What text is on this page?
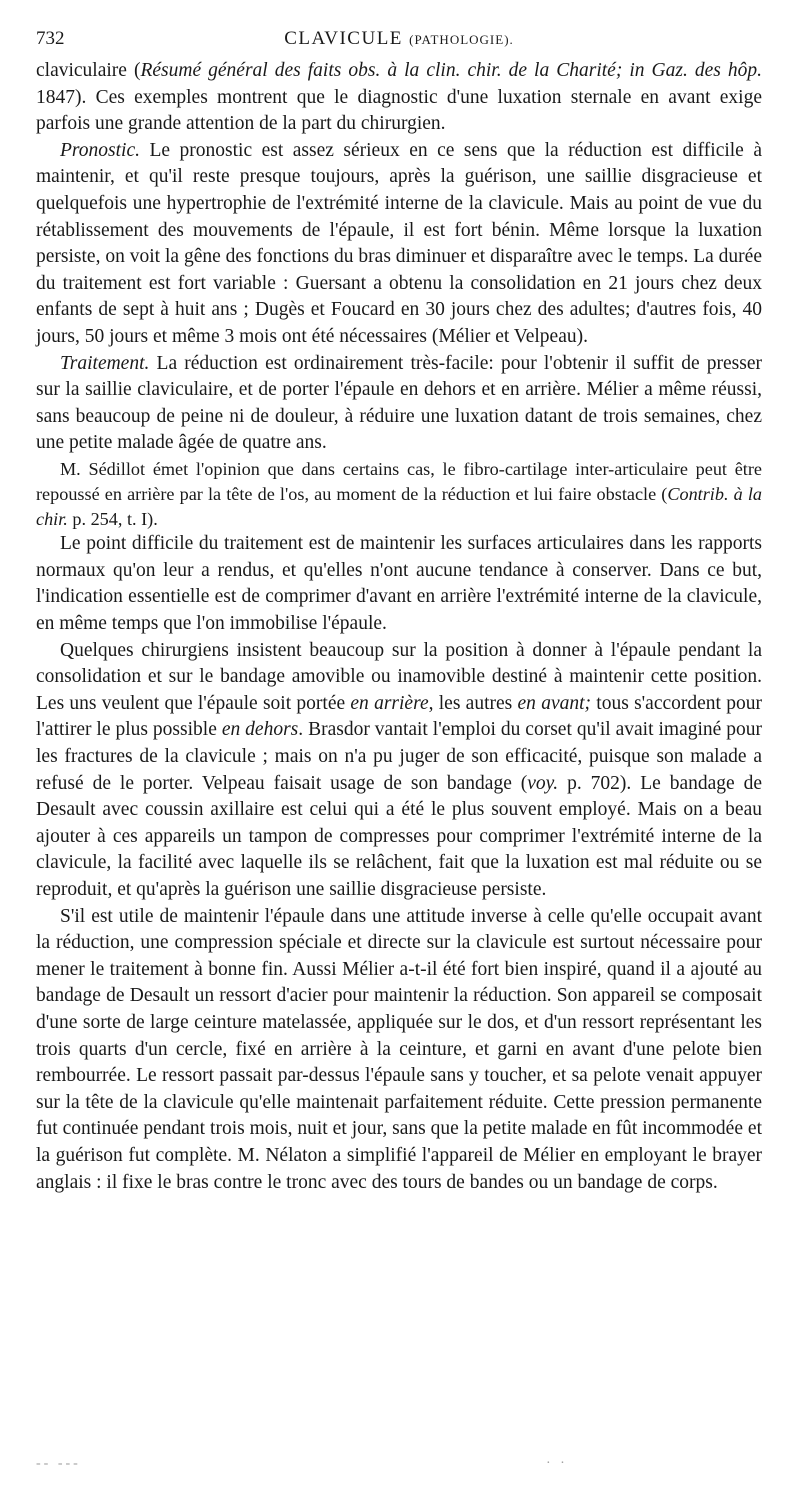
732	CLAVICULE (PATHOLOGIE).

claviculaire (Résumé général des faits obs. à la clin. chir. de la Charité; in Gaz. des hôp. 1847). Ces exemples montrent que le diagnostic d'une luxation sternale en avant exige parfois une grande attention de la part du chirurgien.

Pronostic. Le pronostic est assez sérieux en ce sens que la réduction est difficile à maintenir, et qu'il reste presque toujours, après la guérison, une saillie disgracieuse et quelquefois une hypertrophie de l'extrémité interne de la clavicule. Mais au point de vue du rétablissement des mouvements de l'épaule, il est fort bénin. Même lorsque la luxation persiste, on voit la gêne des fonctions du bras diminuer et disparaître avec le temps. La durée du traitement est fort variable : Guersant a obtenu la consolidation en 21 jours chez deux enfants de sept à huit ans ; Dugès et Foucard en 30 jours chez des adultes; d'autres fois, 40 jours, 50 jours et même 3 mois ont été nécessaires (Mélier et Velpeau).

Traitement. La réduction est ordinairement très-facile: pour l'obtenir il suffit de presser sur la saillie claviculaire, et de porter l'épaule en dehors et en arrière. Mélier a même réussi, sans beaucoup de peine ni de douleur, à réduire une luxation datant de trois semaines, chez une petite malade âgée de quatre ans.

M. Sédillot émet l'opinion que dans certains cas, le fibro-cartilage inter-articulaire peut être repoussé en arrière par la tête de l'os, au moment de la réduction et lui faire obstacle (Contrib. à la chir. p. 254, t. I).

Le point difficile du traitement est de maintenir les surfaces articulaires dans les rapports normaux qu'on leur a rendus, et qu'elles n'ont aucune tendance à conserver. Dans ce but, l'indication essentielle est de comprimer d'avant en arrière l'extrémité interne de la clavicule, en même temps que l'on immobilise l'épaule.

Quelques chirurgiens insistent beaucoup sur la position à donner à l'épaule pendant la consolidation et sur le bandage amovible ou inamovible destiné à maintenir cette position. Les uns veulent que l'épaule soit portée en arrière, les autres en avant; tous s'accordent pour l'attirer le plus possible en dehors. Brasdor vantait l'emploi du corset qu'il avait imaginé pour les fractures de la clavicule ; mais on n'a pu juger de son efficacité, puisque son malade a refusé de le porter. Velpeau faisait usage de son bandage (voy. p. 702). Le bandage de Desault avec coussin axillaire est celui qui a été le plus souvent employé. Mais on a beau ajouter à ces appareils un tampon de compresses pour comprimer l'extrémité interne de la clavicule, la facilité avec laquelle ils se relâchent, fait que la luxation est mal réduite ou se reproduit, et qu'après la guérison une saillie disgracieuse persiste.

S'il est utile de maintenir l'épaule dans une attitude inverse à celle qu'elle occupait avant la réduction, une compression spéciale et directe sur la clavicule est surtout nécessaire pour mener le traitement à bonne fin. Aussi Mélier a-t-il été fort bien inspiré, quand il a ajouté au bandage de Desault un ressort d'acier pour maintenir la réduction. Son appareil se composait d'une sorte de large ceinture matelassée, appliquée sur le dos, et d'un ressort représentant les trois quarts d'un cercle, fixé en arrière à la ceinture, et garni en avant d'une pelote bien rembourrée. Le ressort passait par-dessus l'épaule sans y toucher, et sa pelote venait appuyer sur la tête de la clavicule qu'elle maintenait parfaitement réduite. Cette pression permanente fut continuée pendant trois mois, nuit et jour, sans que la petite malade en fût incommodée et la guérison fut complète. M. Nélaton a simplifié l'appareil de Mélier en employant le brayer anglais : il fixe le bras contre le tronc avec des tours de bandes ou un bandage de corps.

-- ---	· ·
